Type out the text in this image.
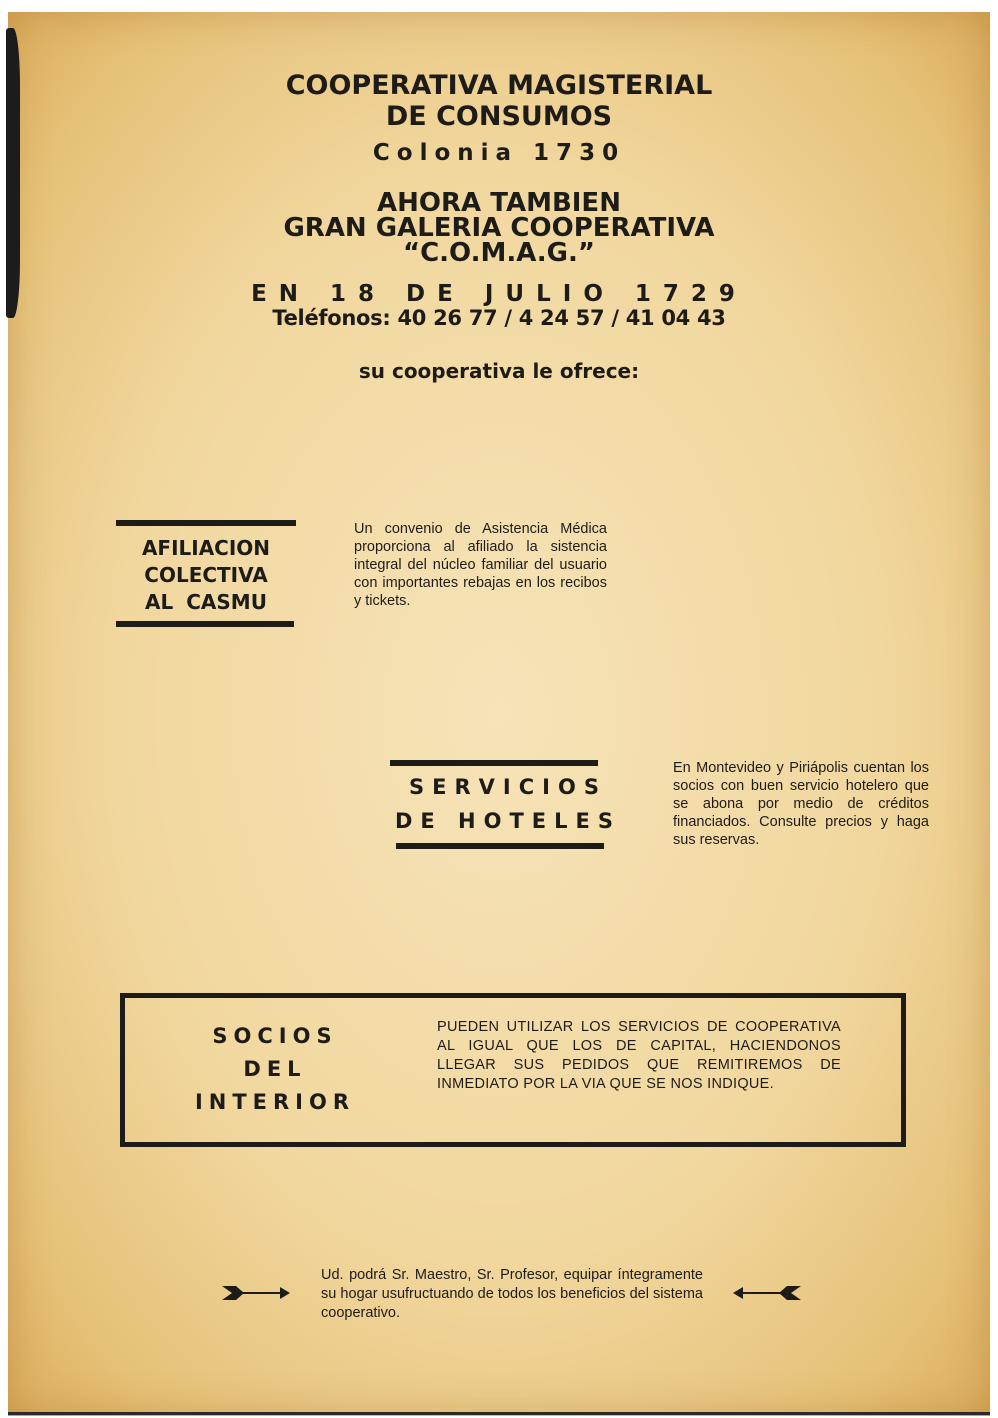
COOPERATIVA MAGISTERIAL
DE CONSUMOS
Colonia 1730
AHORA TAMBIEN
GRAN GALERIA COOPERATIVA
“C.O.M.A.G.”
EN 18 DE JULIO 1729
Teléfonos: 40 26 77 / 4 24 57 / 41 04 43
su cooperativa le ofrece:
AFILIACION
COLECTIVA
AL CASMU

Un convenio de Asistencia Médica proporciona al afiliado la sistencia integral del núcleo familiar del usuario con importantes rebajas en los recibos y tickets.

SERVICIOS
DE HOTELES

En Montevideo y Piriápolis cuentan los socios con buen servicio hotelero que se abona por medio de créditos financiados. Consulte precios y haga sus reservas.

SOCIOS
DEL
INTERIOR

PUEDEN UTILIZAR LOS SERVICIOS DE COOPERATIVA AL IGUAL QUE LOS DE CAPITAL, HACIENDONOS LLEGAR SUS PEDIDOS QUE REMITIREMOS DE INMEDIATO POR LA VIA QUE SE NOS INDIQUE.

Ud. podrá Sr. Maestro, Sr. Profesor, equipar íntegramente su hogar usufructuando de todos los beneficios del sistema cooperativo.
